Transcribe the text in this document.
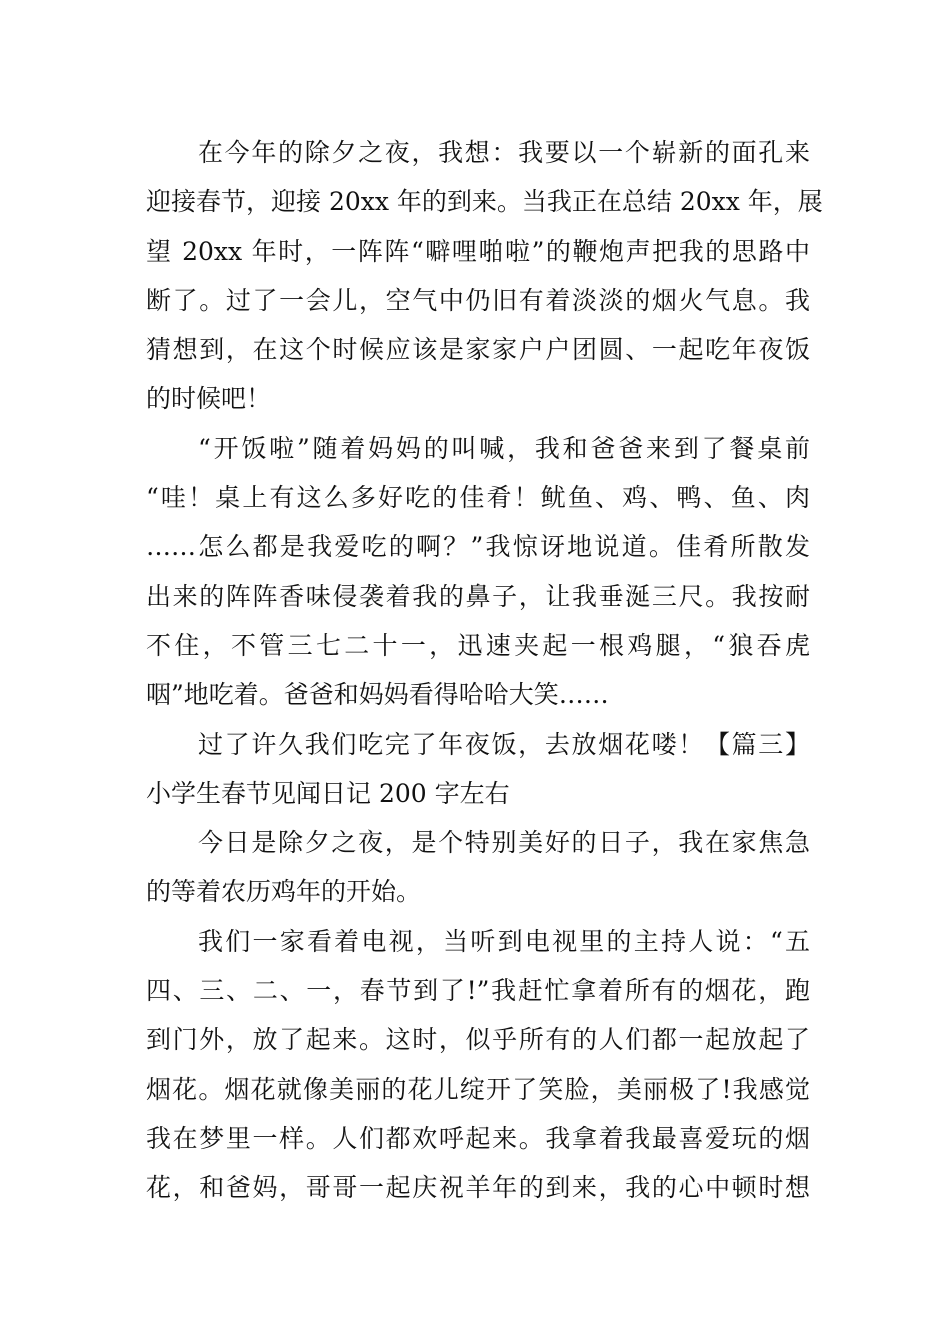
在今年的除夕之夜，我想：我要以一个崭新的面孔来
迎接春节，迎接 20xx 年的到来。当我正在总结 20xx 年，展
望 20xx 年时，一阵阵“噼哩啪啦”的鞭炮声把我的思路中
断了。过了一会儿，空气中仍旧有着淡淡的烟火气息。我
猜想到，在这个时候应该是家家户户团圆、一起吃年夜饭
的时候吧！
“开饭啦”随着妈妈的叫喊，我和爸爸来到了餐桌前
“哇！桌上有这么多好吃的佳肴！鱿鱼、鸡、鸭、鱼、肉
……怎么都是我爱吃的啊？”我惊讶地说道。佳肴所散发
出来的阵阵香味侵袭着我的鼻子，让我垂涎三尺。我按耐
不住，不管三七二十一，迅速夹起一根鸡腿，“狼吞虎
咽”地吃着。爸爸和妈妈看得哈哈大笑……
过了许久我们吃完了年夜饭，去放烟花喽！【篇三】
小学生春节见闻日记 200 字左右
今日是除夕之夜，是个特别美好的日子，我在家焦急
的等着农历鸡年的开始。
我们一家看着电视，当听到电视里的主持人说：“五
四、三、二、一，春节到了!”我赶忙拿着所有的烟花，跑
到门外，放了起来。这时，似乎所有的人们都一起放起了
烟花。烟花就像美丽的花儿绽开了笑脸，美丽极了!我感觉
我在梦里一样。人们都欢呼起来。我拿着我最喜爱玩的烟
花，和爸妈，哥哥一起庆祝羊年的到来，我的心中顿时想
